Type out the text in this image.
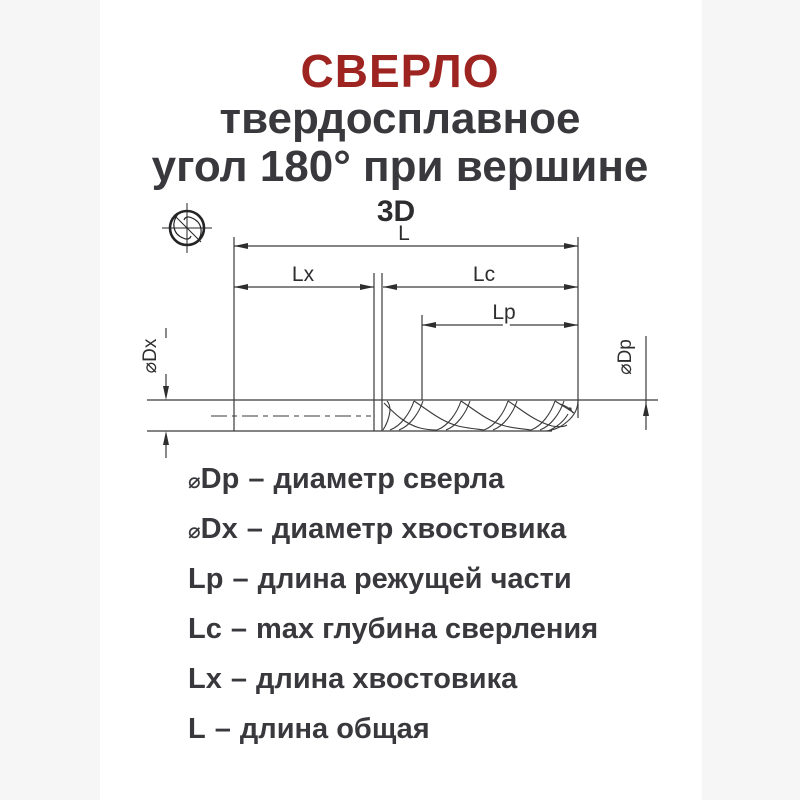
СВЕРЛО
твердосплавное
угол 180° при вершине
3D
L
Lx	Lc
Lp
⌀Dx	⌀Dp
⌀Dp – диаметр сверла
⌀Dx – диаметр хвостовика
Lp – длина режущей части
Lc – max глубина сверления
Lx – длина хвостовика
L – длина общая
